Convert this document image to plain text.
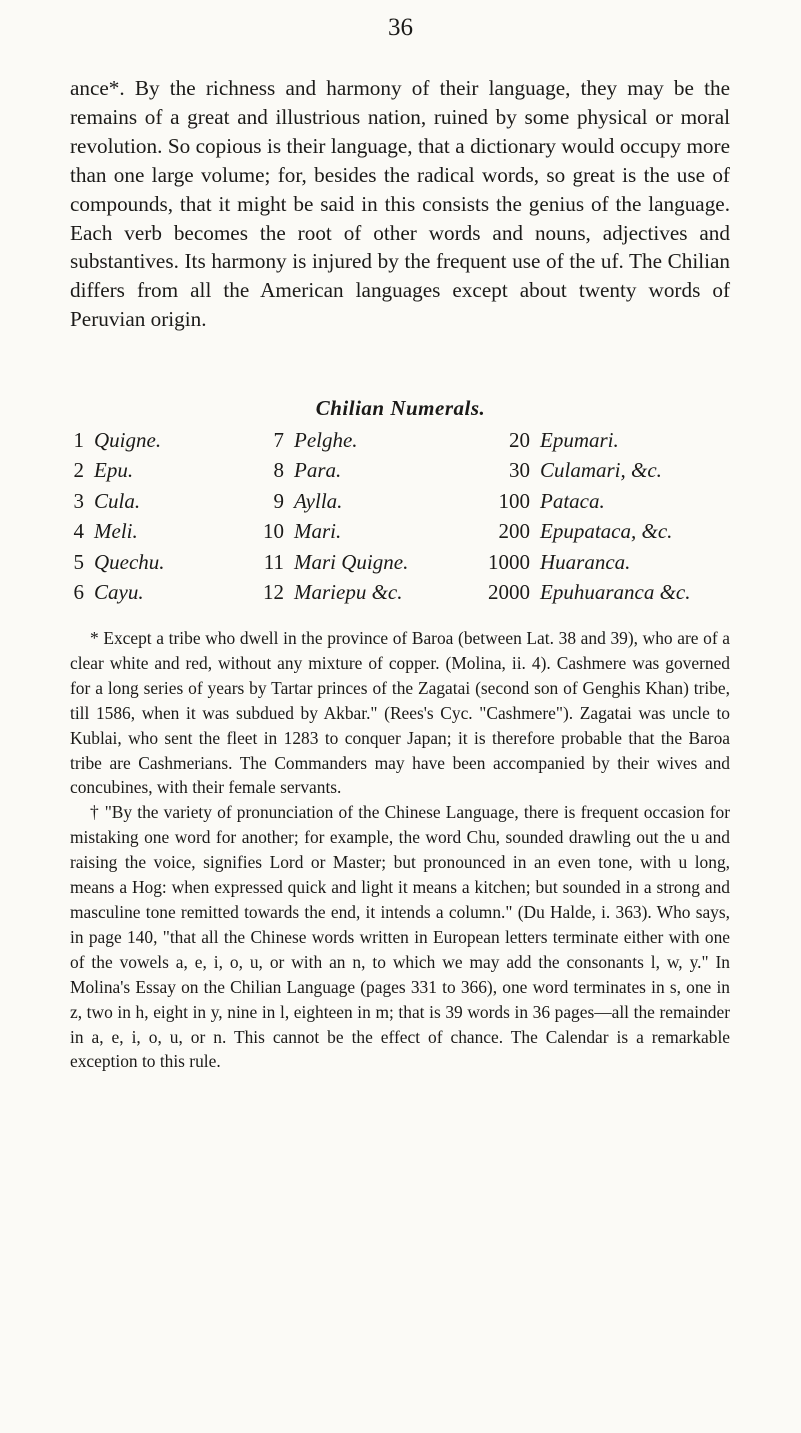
36

ance*. By the richness and harmony of their language, they may be the remains of a great and illustrious nation, ruined by some physical or moral revolution. So copious is their language, that a dictionary would occupy more than one large volume; for, besides the radical words, so great is the use of compounds, that it might be said in this consists the genius of the language. Each verb becomes the root of other words and nouns, adjectives and substantives. Its harmony is injured by the frequent use of the uf. The Chilian differs from all the American languages except about twenty words of Peruvian origin.

Chilian Numerals.
1	Quigne.	7	Pelghe.	20	Epumari.
2	Epu.	8	Para.	30	Culamari, &c.
3	Cula.	9	Aylla.	100	Pataca.
4	Meli.	10	Mari.	200	Epupataca, &c.
5	Quechu.	11	Mari Quigne.	1000	Huaranca.
6	Cayu.	12	Mariepu &c.	2000	Epuhuaranca &c.

* Except a tribe who dwell in the province of Baroa (between Lat. 38 and 39), who are of a clear white and red, without any mixture of copper. (Molina, ii. 4). Cashmere was governed for a long series of years by Tartar princes of the Zagatai (second son of Genghis Khan) tribe, till 1586, when it was subdued by Akbar." (Rees's Cyc. "Cashmere"). Zagatai was uncle to Kublai, who sent the fleet in 1283 to conquer Japan; it is therefore probable that the Baroa tribe are Cashmerians. The Commanders may have been accompanied by their wives and concubines, with their female servants.

† "By the variety of pronunciation of the Chinese Language, there is frequent occasion for mistaking one word for another; for example, the word Chu, sounded drawling out the u and raising the voice, signifies Lord or Master; but pronounced in an even tone, with u long, means a Hog: when expressed quick and light it means a kitchen; but sounded in a strong and masculine tone remitted towards the end, it intends a column." (Du Halde, i. 363). Who says, in page 140, "that all the Chinese words written in European letters terminate either with one of the vowels a, e, i, o, u, or with an n, to which we may add the consonants l, w, y." In Molina's Essay on the Chilian Language (pages 331 to 366), one word terminates in s, one in z, two in h, eight in y, nine in l, eighteen in m; that is 39 words in 36 pages—all the remainder in a, e, i, o, u, or n. This cannot be the effect of chance. The Calendar is a remarkable exception to this rule.
